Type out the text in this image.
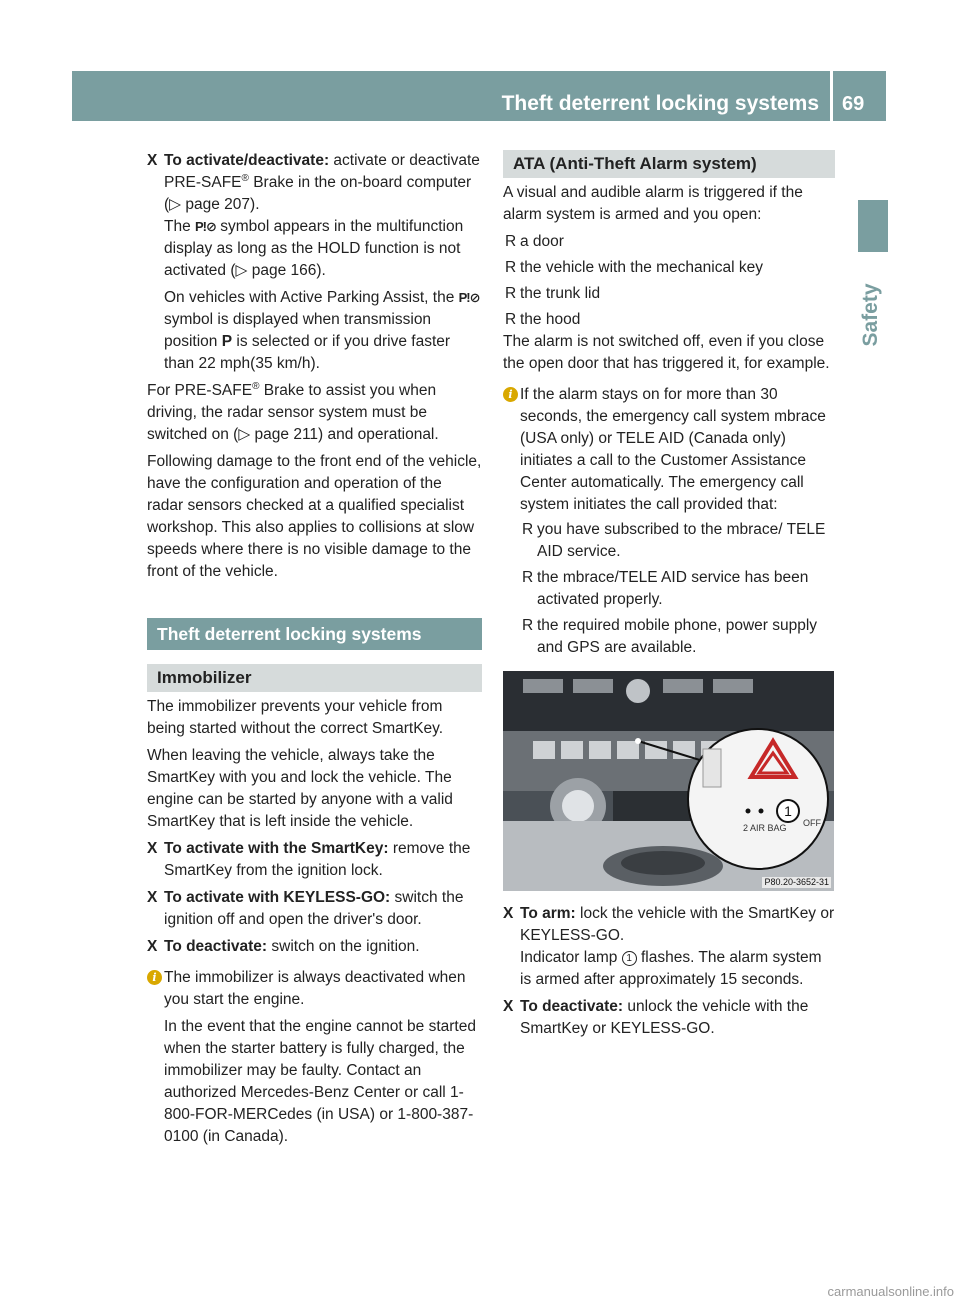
Theft deterrent locking systems 69
Safety
X To activate/deactivate: activate or deactivate PRE-SAFE® Brake in the on-board computer (▷ page 207).
The P!⊘ symbol appears in the multifunction display as long as the HOLD function is not activated (▷ page 166).
On vehicles with Active Parking Assist, the P!⊘ symbol is displayed when transmission position P is selected or if you drive faster than 22 mph(35 km/h).

For PRE-SAFE® Brake to assist you when driving, the radar sensor system must be switched on (▷ page 211) and operational.

Following damage to the front end of the vehicle, have the configuration and operation of the radar sensors checked at a qualified specialist workshop. This also applies to collisions at slow speeds where there is no visible damage to the front of the vehicle.

Theft deterrent locking systems
Immobilizer

The immobilizer prevents your vehicle from being started without the correct SmartKey.

When leaving the vehicle, always take the SmartKey with you and lock the vehicle. The engine can be started by anyone with a valid SmartKey that is left inside the vehicle.

X To activate with the SmartKey: remove the SmartKey from the ignition lock.
X To activate with KEYLESS-GO: switch the ignition off and open the driver's door.
X To deactivate: switch on the ignition.
i The immobilizer is always deactivated when you start the engine.
In the event that the engine cannot be started when the starter battery is fully charged, the immobilizer may be faulty. Contact an authorized Mercedes-Benz Center or call 1-800-FOR-MERCedes (in USA) or 1-800-387-0100 (in Canada).
ATA (Anti-Theft Alarm system)

A visual and audible alarm is triggered if the alarm system is armed and you open:

R a door
R the vehicle with the mechanical key
R the trunk lid
R the hood

The alarm is not switched off, even if you close the open door that has triggered it, for example.

i If the alarm stays on for more than 30 seconds, the emergency call system mbrace (USA only) or TELE AID (Canada only) initiates a call to the Customer Assistance Center automatically. The emergency call system initiates the call provided that:
R you have subscribed to the mbrace/ TELE AID service.
R the mbrace/TELE AID service has been activated properly.
R the required mobile phone, power supply and GPS are available.
1
2 AIR BAG OFF
P80.20-3652-31
X To arm: lock the vehicle with the SmartKey or KEYLESS-GO.
Indicator lamp 1 flashes. The alarm system is armed after approximately 15 seconds.
X To deactivate: unlock the vehicle with the SmartKey or KEYLESS-GO.
carmanualsonline.info
